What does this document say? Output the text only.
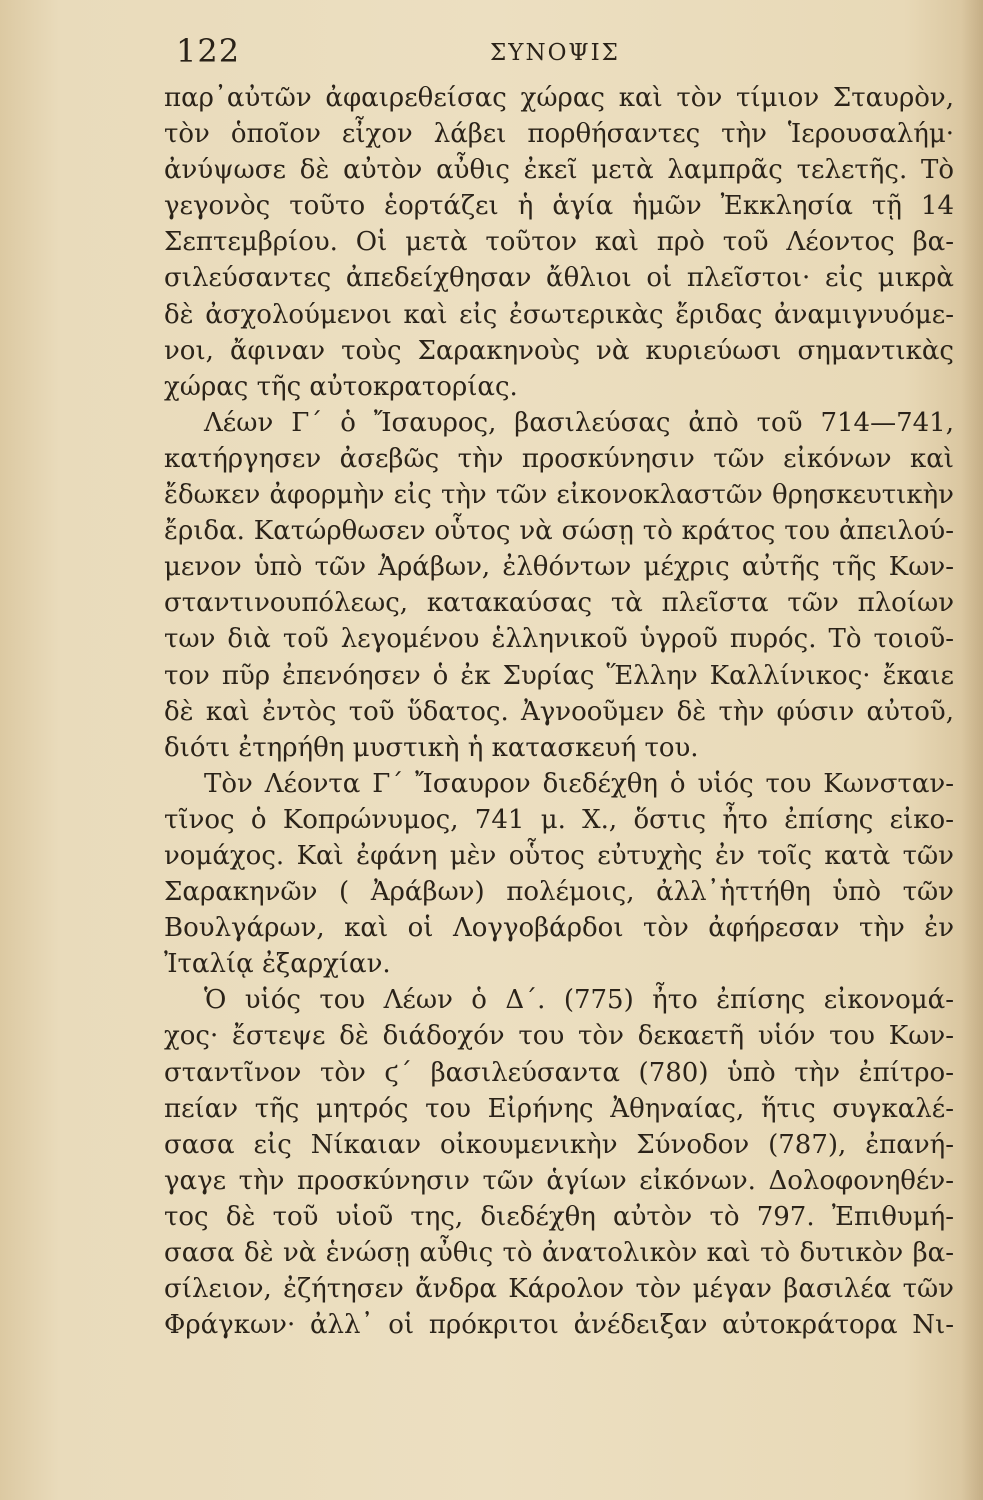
122	ΣΥΝΟΨΙΣ
παρ᾽αὐτῶν ἀφαιρεθείσας χώρας καὶ τὸν τίμιον Σταυρὸν,
τὸν ὁποῖον εἶχον λάβει πορθήσαντες τὴν Ἱερουσαλήμ·
ἀνύψωσε δὲ αὐτὸν αὖθις ἐκεῖ μετὰ λαμπρᾶς τελετῆς. Τὸ
γεγονὸς τοῦτο ἑορτάζει ἡ ἁγία ἡμῶν Ἐκκλησία τῇ 14
Σεπτεμβρίου. Οἱ μετὰ τοῦτον καὶ πρὸ τοῦ Λέοντος βα-
σιλεύσαντες ἀπεδείχθησαν ἄθλιοι οἱ πλεῖστοι· εἰς μικρὰ
δὲ ἀσχολούμενοι καὶ εἰς ἐσωτερικὰς ἔριδας ἀναμιγνυόμε-
νοι, ἄφιναν τοὺς Σαρακηνοὺς νὰ κυριεύωσι σημαντικὰς
χώρας τῆς αὐτοκρατορίας.
Λέων Γ´ ὁ Ἴσαυρος, βασιλεύσας ἀπὸ τοῦ 714—741,
κατήργησεν ἀσεβῶς τὴν προσκύνησιν τῶν εἰκόνων καὶ
ἔδωκεν ἀφορμὴν εἰς τὴν τῶν εἰκονοκλαστῶν θρησκευτικὴν
ἔριδα. Κατώρθωσεν οὗτος νὰ σώσῃ τὸ κράτος του ἀπειλού-
μενον ὑπὸ τῶν Ἀράβων, ἐλθόντων μέχρις αὐτῆς τῆς Κων-
σταντινουπόλεως, κατακαύσας τὰ πλεῖστα τῶν πλοίων
των διὰ τοῦ λεγομένου ἑλληνικοῦ ὑγροῦ πυρός. Τὸ τοιοῦ-
τον πῦρ ἐπενόησεν ὁ ἐκ Συρίας Ἕλλην Καλλίνικος· ἔκαιε
δὲ καὶ ἐντὸς τοῦ ὕδατος. Ἀγνοοῦμεν δὲ τὴν φύσιν αὐτοῦ,
διότι ἐτηρήθη μυστικὴ ἡ κατασκευή του.
Τὸν Λέοντα Γ´ Ἴσαυρον διεδέχθη ὁ υἱός του Κωνσταν-
τῖνος ὁ Κοπρώνυμος, 741 μ. Χ., ὅστις ἦτο ἐπίσης εἰκο-
νομάχος. Καὶ ἐφάνη μὲν οὗτος εὐτυχὴς ἐν τοῖς κατὰ τῶν
Σαρακηνῶν ( Ἀράβων) πολέμοις, ἀλλ᾽ἡττήθη ὑπὸ τῶν
Βουλγάρων, καὶ οἱ Λογγοβάρδοι τὸν ἀφήρεσαν τὴν ἐν
Ἰταλίᾳ ἐξαρχίαν.
Ὁ υἱός του Λέων ὁ Δ´. (775) ἦτο ἐπίσης εἰκονομά-
χος· ἔστεψε δὲ διάδοχόν του τὸν δεκαετῆ υἱόν του Κων-
σταντῖνον τὸν ϛ´ βασιλεύσαντα (780) ὑπὸ τὴν ἐπίτρο-
πείαν τῆς μητρός του Εἰρήνης Ἀθηναίας, ἥτις συγκαλέ-
σασα εἰς Νίκαιαν οἰκουμενικὴν Σύνοδον (787), ἐπανή-
γαγε τὴν προσκύνησιν τῶν ἁγίων εἰκόνων. Δολοφονηθέν-
τος δὲ τοῦ υἱοῦ της, διεδέχθη αὐτὸν τὸ 797. Ἐπιθυμή-
σασα δὲ νὰ ἑνώσῃ αὖθις τὸ ἀνατολικὸν καὶ τὸ δυτικὸν βα-
σίλειον, ἐζήτησεν ἄνδρα Κάρολον τὸν μέγαν βασιλέα τῶν
Φράγκων· ἀλλ᾽ οἱ πρόκριτοι ἀνέδειξαν αὐτοκράτορα Νι-
